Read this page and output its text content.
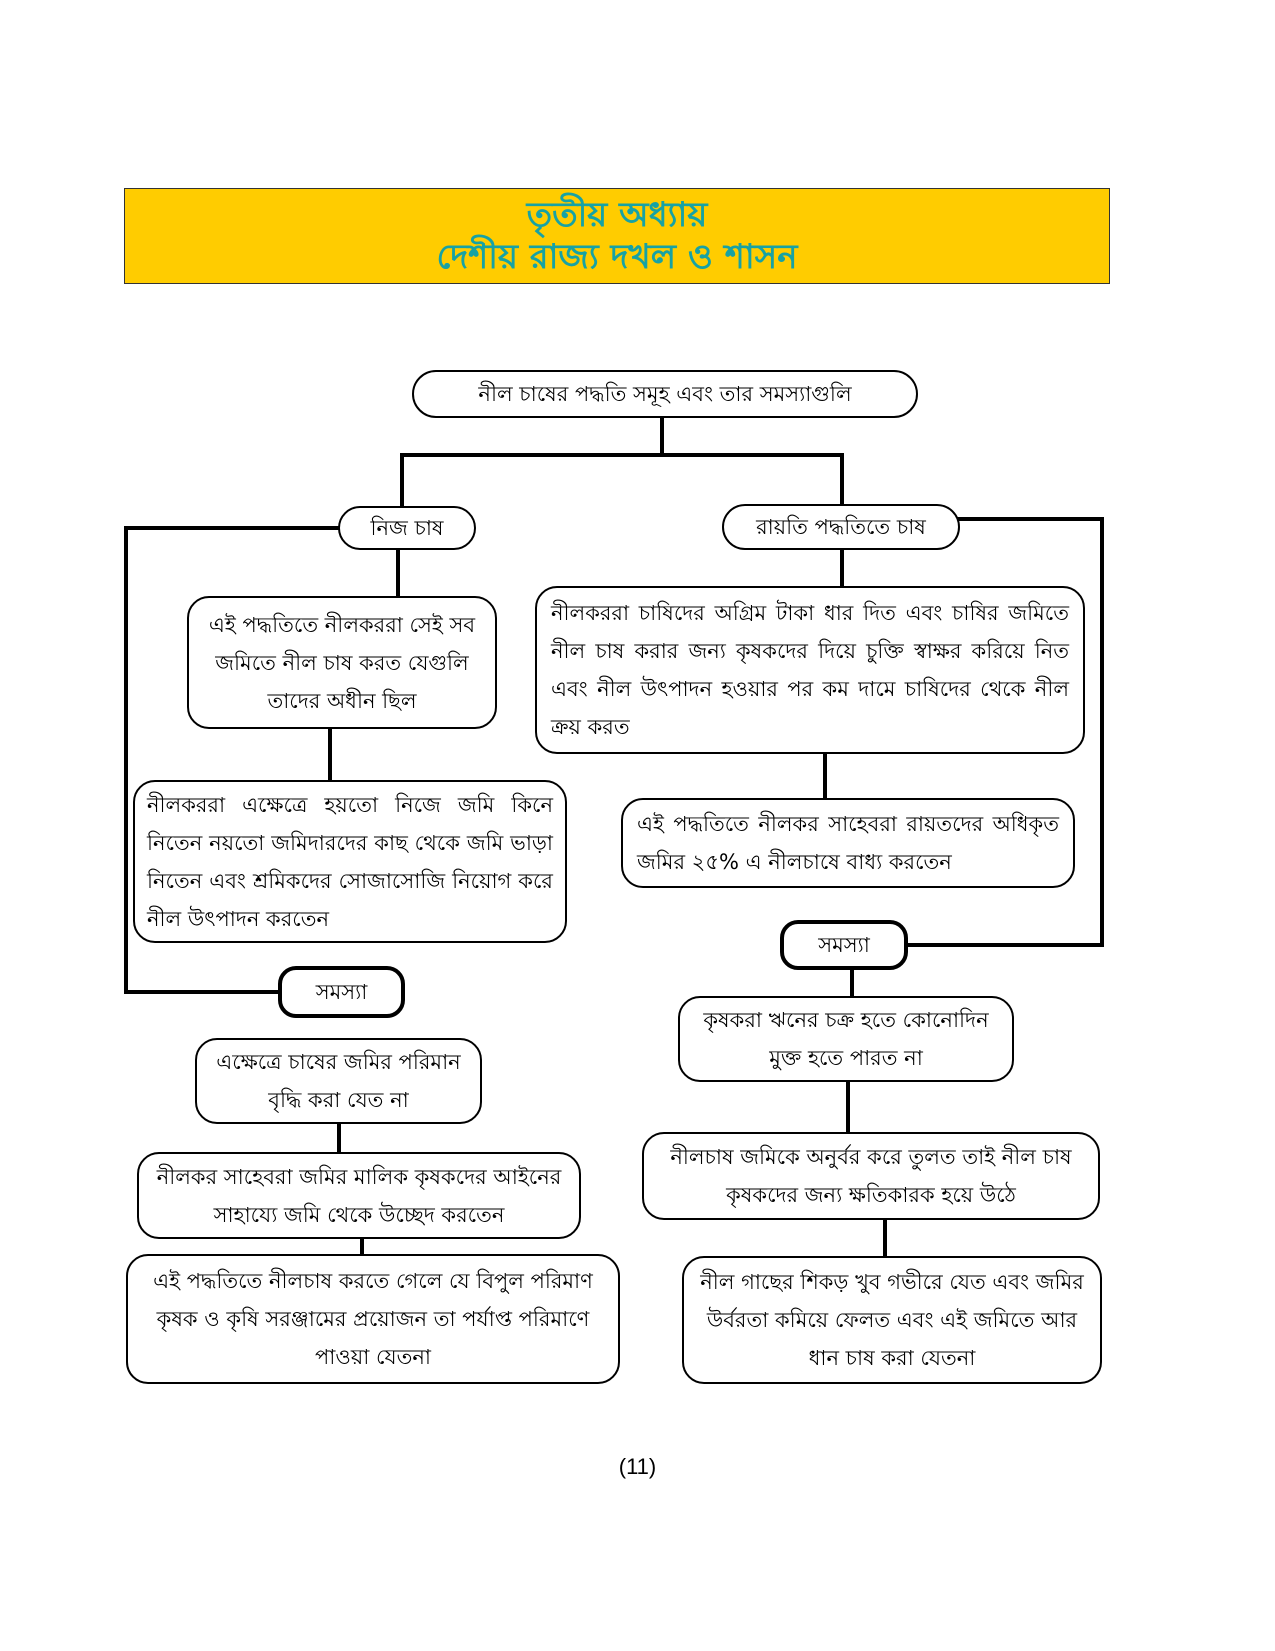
তৃতীয় অধ্যায়
দেশীয় রাজ্য দখল ও শাসন
নীল চাষের পদ্ধতি সমূহ এবং তার সমস্যাগুলি
নিজ চাষ
এই পদ্ধতিতে নীলকররা সেই সব জমিতে নীল চাষ করত যেগুলি তাদের অধীন ছিল
নীলকররা এক্ষেত্রে হয়তো নিজে জমি কিনে নিতেন নয়তো জমিদারদের কাছ থেকে জমি ভাড়া নিতেন এবং শ্রমিকদের সোজাসোজি নিয়োগ করে নীল উৎপাদন করতেন
সমস্যা
এক্ষেত্রে চাষের জমির পরিমান বৃদ্ধি করা যেত না
নীলকর সাহেবরা জমির মালিক কৃষকদের আইনের সাহায্যে জমি থেকে উচ্ছেদ করতেন
এই পদ্ধতিতে নীলচাষ করতে গেলে যে বিপুল পরিমাণ কৃষক ও কৃষি সরঞ্জামের প্রয়োজন তা পর্যাপ্ত পরিমাণে পাওয়া যেতনা
রায়তি পদ্ধতিতে চাষ
নীলকররা চাষিদের অগ্রিম টাকা ধার দিত এবং চাষির জমিতে নীল চাষ করার জন্য কৃষকদের দিয়ে চুক্তি স্বাক্ষর করিয়ে নিত এবং নীল উৎপাদন হওয়ার পর কম দামে চাষিদের থেকে নীল ক্রয় করত
এই পদ্ধতিতে নীলকর সাহেবরা রায়তদের অধিকৃত জমির ২৫% এ নীলচাষে বাধ্য করতেন
সমস্যা
কৃষকরা ঋনের চক্র হতে কোনোদিন মুক্ত হতে পারত না
নীলচাষ জমিকে অনুর্বর করে তুলত তাই নীল চাষ কৃষকদের জন্য ক্ষতিকারক হয়ে উঠে
নীল গাছের শিকড় খুব গভীরে যেত এবং জমির উর্বরতা কমিয়ে ফেলত এবং এই জমিতে আর ধান চাষ করা যেতনা
(11)
